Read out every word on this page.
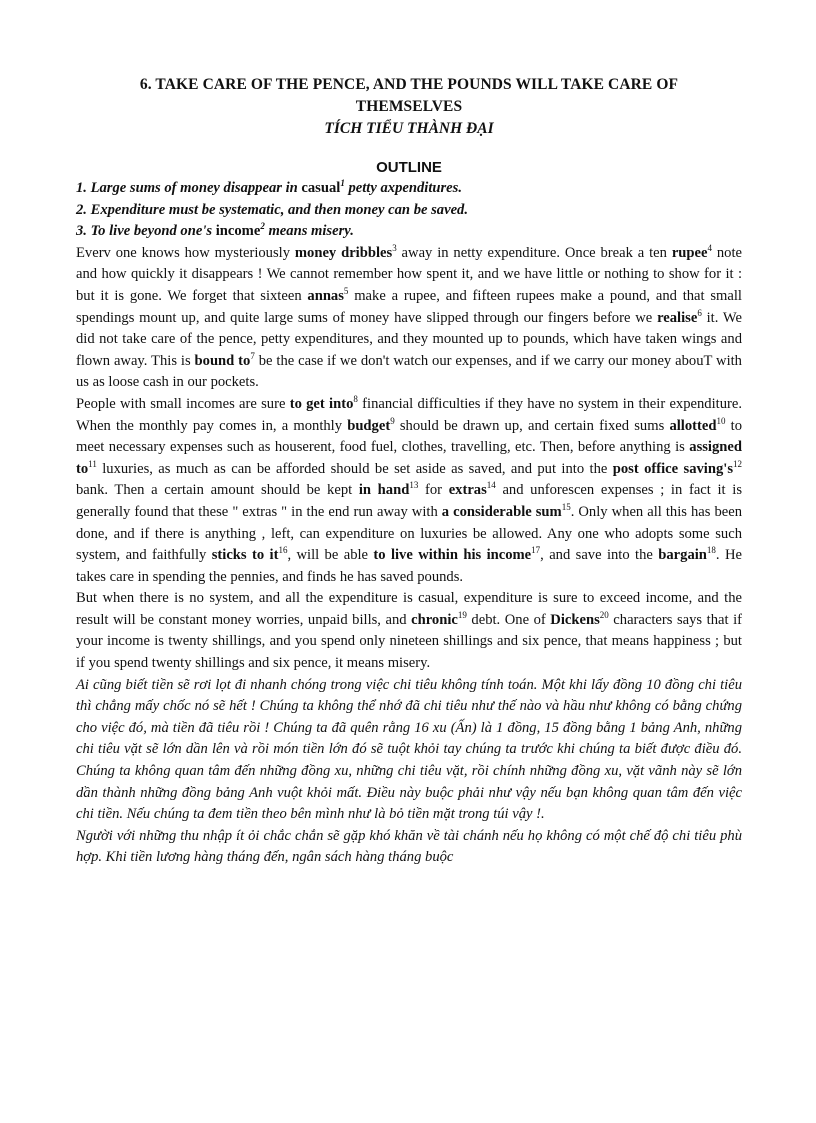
6. TAKE CARE OF THE PENCE, AND THE POUNDS WILL TAKE CARE OF
THEMSELVES
TÍCH TIỂU THÀNH ĐẠI
OUTLINE
1. Large sums of money disappear in casual$^1$ petty axpenditures.
2. Expenditure must be systematic, and then money can be saved.
3. To live beyond one's income$^2$ means misery.

Everv one knows how mysteriously money dribbles$^3$ away in netty expenditure. Once break a ten rupee$^4$ note and how quickly it disappears ! We cannot remember how spent it, and we have little or nothing to show for it : but it is gone. We forget that sixteen annas$^5$ make a rupee, and fifteen rupees make a pound, and that small spendings mount up, and quite large sums of money have slipped through our fingers before we realise$^6$ it. We did not take care of the pence, petty expenditures, and they mounted up to pounds, which have taken wings and flown away. This is bound $to^7$ be the case if we don't watch our expenses, and if we carry our money abouT with us as loose cash in our pockets.

People with small incomes are sure to get into$^8$ financial difficulties if they have no system in their expenditure. When the monthly pay comes in, a monthly budget$^9$ should be drawn up, and certain fixed sums allotted$^{10}$ to meet necessary expenses such as houserent, food fuel, clothes, travelling, etc. Then, before anything is assigned $to^{11}$ luxuries, as much as can be afforded should be set aside as saved, and put into the post office $saving's^{12}$ bank. Then a certain amount should be kept in hand$^{13}$ for extras$^{14}$ and unforescen expenses ; in fact it is generally found that these " extras " in the end run away with a considerable sum$^{15}$. Only when all this has been done, and if there is anything , left, can expenditure on luxuries be allowed. Any one who adopts some such system, and faithfully sticks to $it^{16}$, will be able to live within his income$^{17}$, and save into the bargain$^{18}$. He takes care in spending the pennies, and finds he has saved pounds.

But when there is no system, and all the expenditure is casual, expenditure is sure to exceed income, and the result will be constant money worries, unpaid bills, and chronic$^{19}$ debt. One of Dickens$^{20}$ characters says that if your income is twenty shillings, and you spend only nineteen shillings and six pence, that means happiness ; but if you spend twenty shillings and six pence, it means misery.

Ai cũng biết tiền sẽ rơi lọt đi nhanh chóng trong việc chi tiêu không tính toán. Một khi lấy đồng 10 đồng chi tiêu thì chẳng mấy chốc nó sẽ hết ! Chúng ta không thể nhớ đã chi tiêu như thế nào và hầu như không có bằng chứng cho việc đó, mà tiền đã tiêu rồi ! Chúng ta đã quên rằng 16 xu (Ấn) là 1 đồng, 15 đồng bằng 1 bảng Anh, những chi tiêu vặt sẽ lớn dần lên và rồi món tiền lớn đó sẽ tuột khỏi tay chúng ta trước khi chúng ta biết được điều đó. Chúng ta không quan tâm đến những đồng xu, những chi tiêu vặt, rồi chính những đồng xu, vặt vãnh này sẽ lớn dần thành những đồng bảng Anh vuột khỏi mất. Điều này buộc phải như vậy nếu bạn không quan tâm đến việc chi tiền. Nếu chúng ta đem tiền theo bên mình như là bỏ tiền mặt trong túi vậy !.

Người với những thu nhập ít ỏi chắc chắn sẽ gặp khó khăn về tài chánh nếu họ không có một chế độ chi tiêu phù hợp. Khi tiền lương hàng tháng đến, ngân sách hàng tháng buộc
